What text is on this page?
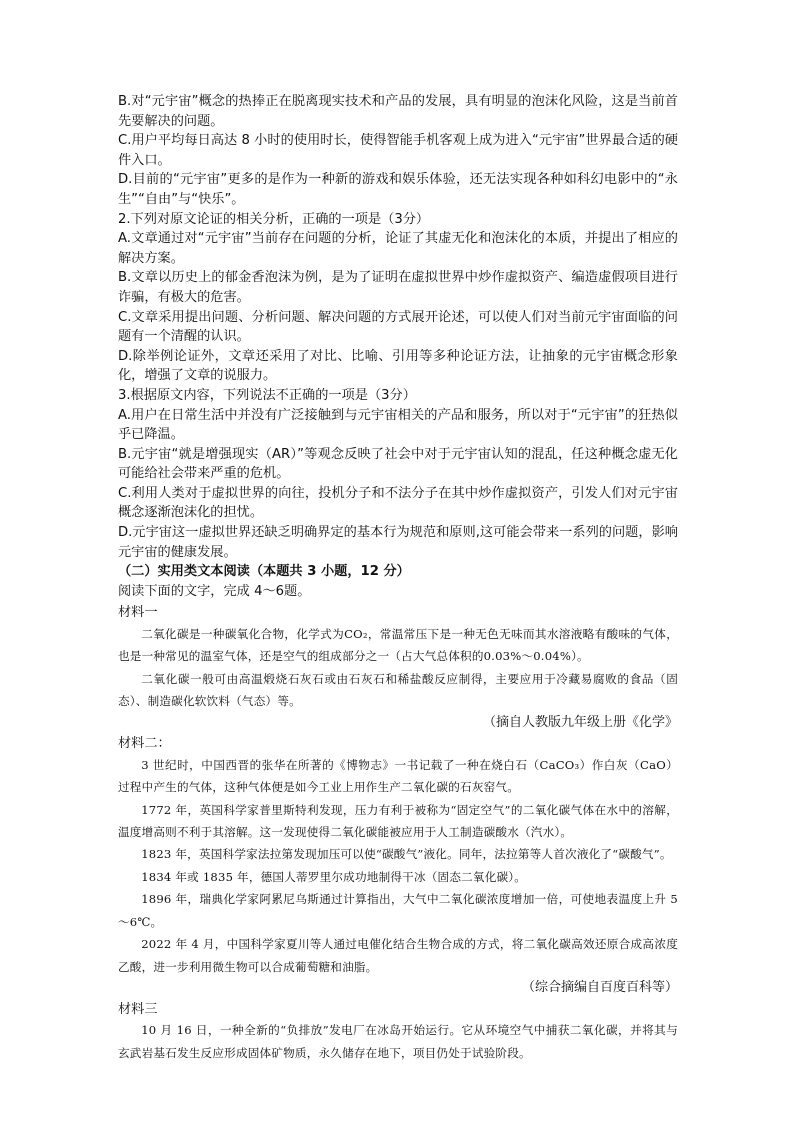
B.对“元宇宙”概念的热捧正在脱离现实技术和产品的发展，具有明显的泡沫化风险，这是当前首先要解决的问题。

C.用户平均每日高达 8 小时的使用时长，使得智能手机客观上成为进入“元宇宙”世界最合适的硬件入口。

D.目前的“元宇宙”更多的是作为一种新的游戏和娱乐体验，还无法实现各种如科幻电影中的“永生”“自由”与“快乐”。

2.下列对原文论证的相关分析，正确的一项是（3分）

A.文章通过对“元宇宙”当前存在问题的分析，论证了其虚无化和泡沫化的本质，并提出了相应的解决方案。

B.文章以历史上的郁金香泡沫为例，是为了证明在虚拟世界中炒作虚拟资产、编造虚假项目进行诈骗，有极大的危害。

C.文章采用提出问题、分析问题、解决问题的方式展开论述，可以使人们对当前元宇宙面临的问题有一个清醒的认识。

D.除举例论证外，文章还采用了对比、比喻、引用等多种论证方法，让抽象的元宇宙概念形象化，增强了文章的说服力。

3.根据原文内容，下列说法不正确的一项是（3分）

A.用户在日常生活中并没有广泛接触到与元宇宙相关的产品和服务，所以对于“元宇宙”的狂热似乎已降温。

B.元宇宙“就是增强现实（AR）”等观念反映了社会中对于元宇宙认知的混乱，任这种概念虚无化可能给社会带来严重的危机。

C.利用人类对于虚拟世界的向往，投机分子和不法分子在其中炒作虚拟资产，引发人们对元宇宙概念逐渐泡沫化的担忧。

D.元宇宙这一虚拟世界还缺乏明确界定的基本行为规范和原则,这可能会带来一系列的问题，影响元宇宙的健康发展。

（二）实用类文本阅读（本题共 3 小题，12 分）

阅读下面的文字，完成 4～6题。

材料一

二氧化碳是一种碳氧化合物，化学式为CO₂，常温常压下是一种无色无味而其水溶液略有酸味的气体，也是一种常见的温室气体，还是空气的组成部分之一（占大气总体积的0.03%～0.04%）。

二氧化碳一般可由高温煅烧石灰石或由石灰石和稀盐酸反应制得，主要应用于冷藏易腐败的食品（固态）、制造碳化软饮料（气态）等。

（摘自人教版九年级上册《化学》

材料二：

3 世纪时，中国西晋的张华在所著的《博物志》一书记载了一种在烧白石（CaCO₃）作白灰（CaO）过程中产生的气体，这种气体便是如今工业上用作生产二氧化碳的石灰窑气。

1772 年，英国科学家普里斯特利发现，压力有利于被称为“固定空气”的二氧化碳气体在水中的溶解，温度增高则不利于其溶解。这一发现使得二氧化碳能被应用于人工制造碳酸水（汽水）。

1823 年，英国科学家法拉第发现加压可以使“碳酸气”液化。同年，法拉第等人首次液化了“碳酸气”。

1834 年或 1835 年，德国人蒂罗里尔成功地制得干冰（固态二氧化碳）。

1896 年，瑞典化学家阿累尼乌斯通过计算指出，大气中二氧化碳浓度增加一倍，可使地表温度上升 5～6℃。

2022 年 4 月，中国科学家夏川等人通过电催化结合生物合成的方式，将二氧化碳高效还原合成高浓度乙酸，进一步利用微生物可以合成葡萄糖和油脂。

（综合摘编自百度百科等）

材料三

10 月 16 日，一种全新的“负排放”发电厂在冰岛开始运行。它从环境空气中捕获二氧化碳，并将其与玄武岩基石发生反应形成固体矿物质，永久储存在地下，项目仍处于试验阶段。
